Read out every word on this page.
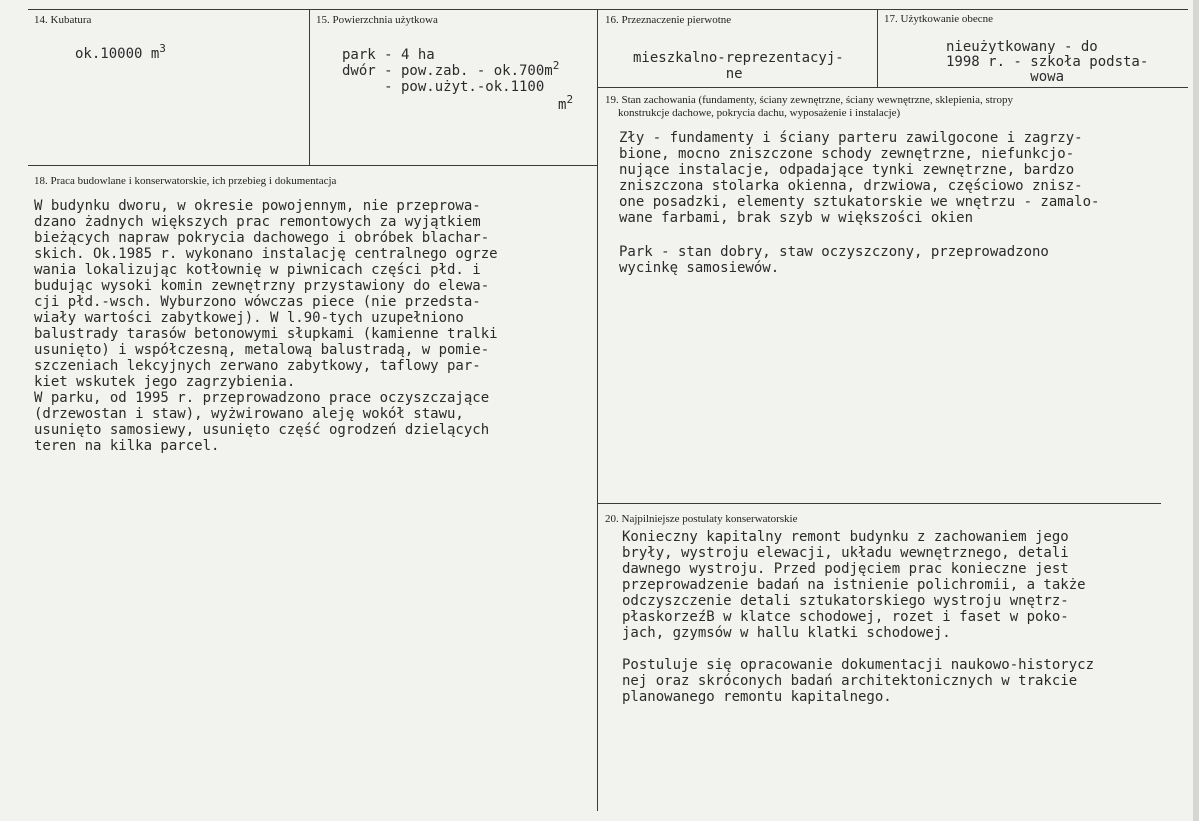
14. Kubatura
ok.10000 $m^3$
15. Powierzchnia użytkowa
park - 4 ha
dwór - pow.zab. - $ok.700m^2$
- pow.użyt.-ok.1100
$m^2$
16. Przeznaczenie pierwotne
mieszkalno-reprezentacyj-
ne
17. Użytkowanie obecne
nieużytkowany - do
1998 r. - szkoła podsta-
wowa
19. Stan zachowania (fundamenty, ściany zewnętrzne, ściany wewnętrzne, sklepienia, stropy
konstrukcje dachowe, pokrycia dachu, wyposażenie i instalacje)
Zły - fundamenty i ściany parteru zawilgocone i zagrzy-
bione, mocno zniszczone schody zewnętrzne, niefunkcjo-
nujące instalacje, odpadające tynki zewnętrzne, bardzo
zniszczona stolarka okienna, drzwiowa, częściowo znisz-
one posadzki, elementy sztukatorskie we wnętrzu - zamalo-
wane farbami, brak szyb w większości okien
Park - stan dobry, staw oczyszczony, przeprowadzono
wycinkę samosiewów.
18. Praca budowlane i konserwatorskie, ich przebieg i dokumentacja
W budynku dworu, w okresie powojennym, nie przeprowa-
dzano żadnych większych prac remontowych za wyjątkiem
bieżących napraw pokrycia dachowego i obróbek blachar-
skich. Ok.1985 r. wykonano instalację centralnego ogrze
wania lokalizując kotłownię w piwnicach części płd. i
budując wysoki komin zewnętrzny przystawiony do elewa-
cji płd.-wsch. Wyburzono wówczas piece (nie przedsta-
wiały wartości zabytkowej). W l.90-tych uzupełniono
balustrady tarasów betonowymi słupkami (kamienne tralki
usunięto) i współczesną, metalową balustradą, w pomie-
szczeniach lekcyjnych zerwano zabytkowy, taflowy par-
kiet wskutek jego zagrzybienia.
W parku, od 1995 r. przeprowadzono prace oczyszczające
(drzewostan i staw), wyżwirowano aleję wokół stawu,
usunięto samosiewy, usunięto część ogrodzeń dzielących
teren na kilka parcel.
20. Najpilniejsze postulaty konserwatorskie
Konieczny kapitalny remont budynku z zachowaniem jego
bryły, wystroju elewacji, układu wewnętrznego, detali
dawnego wystroju. Przed podjęciem prac konieczne jest
przeprowadzenie badań na istnienie polichromii, a także
odczyszczenie detali sztukatorskiego wystroju wnętrz-
płaskorzeźB w klatce schodowej, rozet i faset w poko-
jach, gzymsów w hallu klatki schodowej.
Postuluje się opracowanie dokumentacji naukowo-historycz
nej oraz skróconych badań architektonicznych w trakcie
planowanego remontu kapitalnego.
